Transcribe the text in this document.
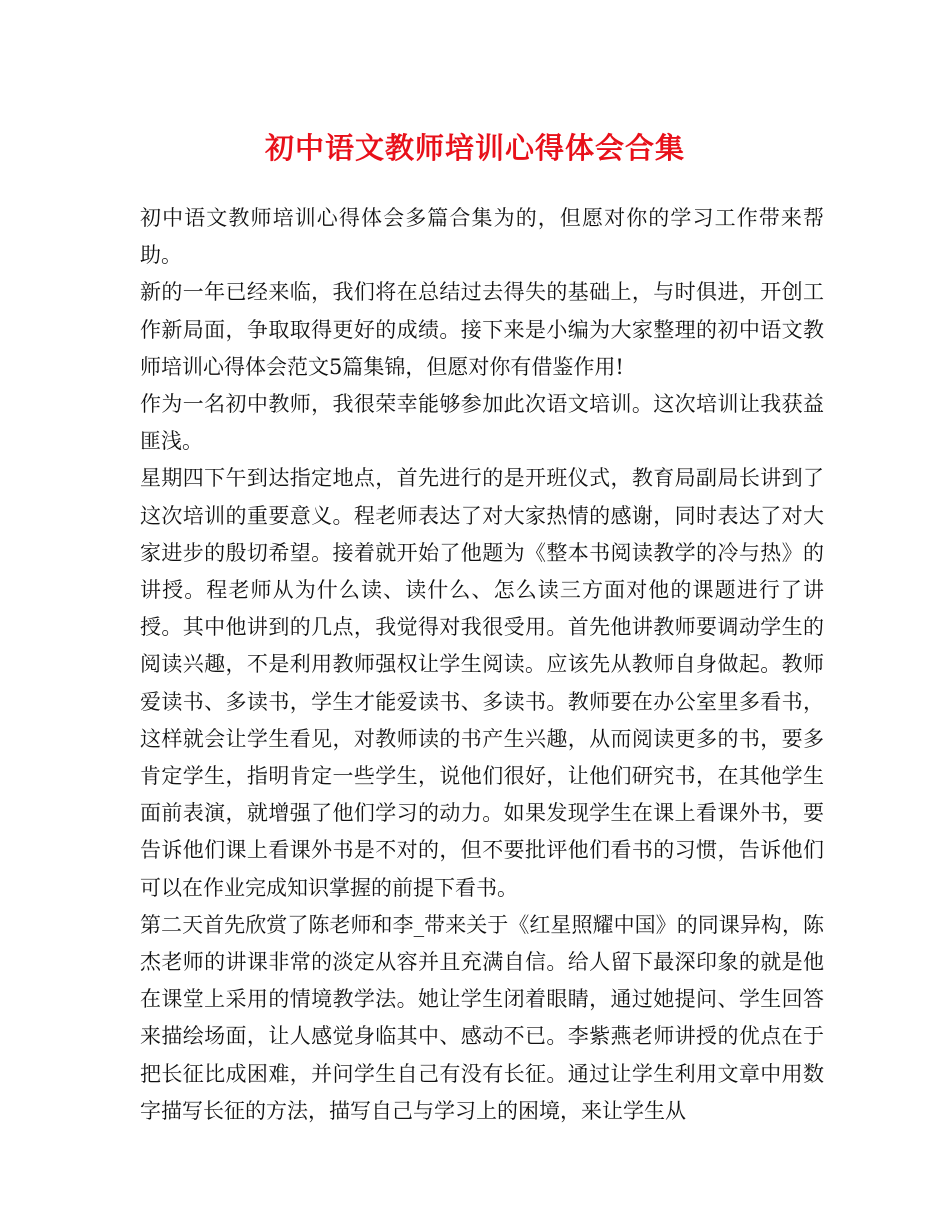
初中语文教师培训心得体会合集

初中语文教师培训心得体会多篇合集为的，但愿对你的学习工作带来帮助。

新的一年已经来临，我们将在总结过去得失的基础上，与时俱进，开创工作新局面，争取取得更好的成绩。接下来是小编为大家整理的初中语文教师培训心得体会范文5篇集锦，但愿对你有借鉴作用!

作为一名初中教师，我很荣幸能够参加此次语文培训。这次培训让我获益匪浅。

星期四下午到达指定地点，首先进行的是开班仪式，教育局副局长讲到了这次培训的重要意义。程老师表达了对大家热情的感谢，同时表达了对大家进步的殷切希望。接着就开始了他题为《整本书阅读教学的冷与热》的讲授。程老师从为什么读、读什么、怎么读三方面对他的课题进行了讲授。其中他讲到的几点，我觉得对我很受用。首先他讲教师要调动学生的阅读兴趣，不是利用教师强权让学生阅读。应该先从教师自身做起。教师爱读书、多读书，学生才能爱读书、多读书。教师要在办公室里多看书，这样就会让学生看见，对教师读的书产生兴趣，从而阅读更多的书，要多肯定学生，指明肯定一些学生，说他们很好，让他们研究书，在其他学生面前表演，就增强了他们学习的动力。如果发现学生在课上看课外书，要告诉他们课上看课外书是不对的，但不要批评他们看书的习惯，告诉他们可以在作业完成知识掌握的前提下看书。

第二天首先欣赏了陈老师和李_带来关于《红星照耀中国》的同课异构，陈杰老师的讲课非常的淡定从容并且充满自信。给人留下最深印象的就是他在课堂上采用的情境教学法。她让学生闭着眼睛，通过她提问、学生回答来描绘场面，让人感觉身临其中、感动不已。李紫燕老师讲授的优点在于把长征比成困难，并问学生自己有没有长征。通过让学生利用文章中用数字描写长征的方法，描写自己与学习上的困境，来让学生从
